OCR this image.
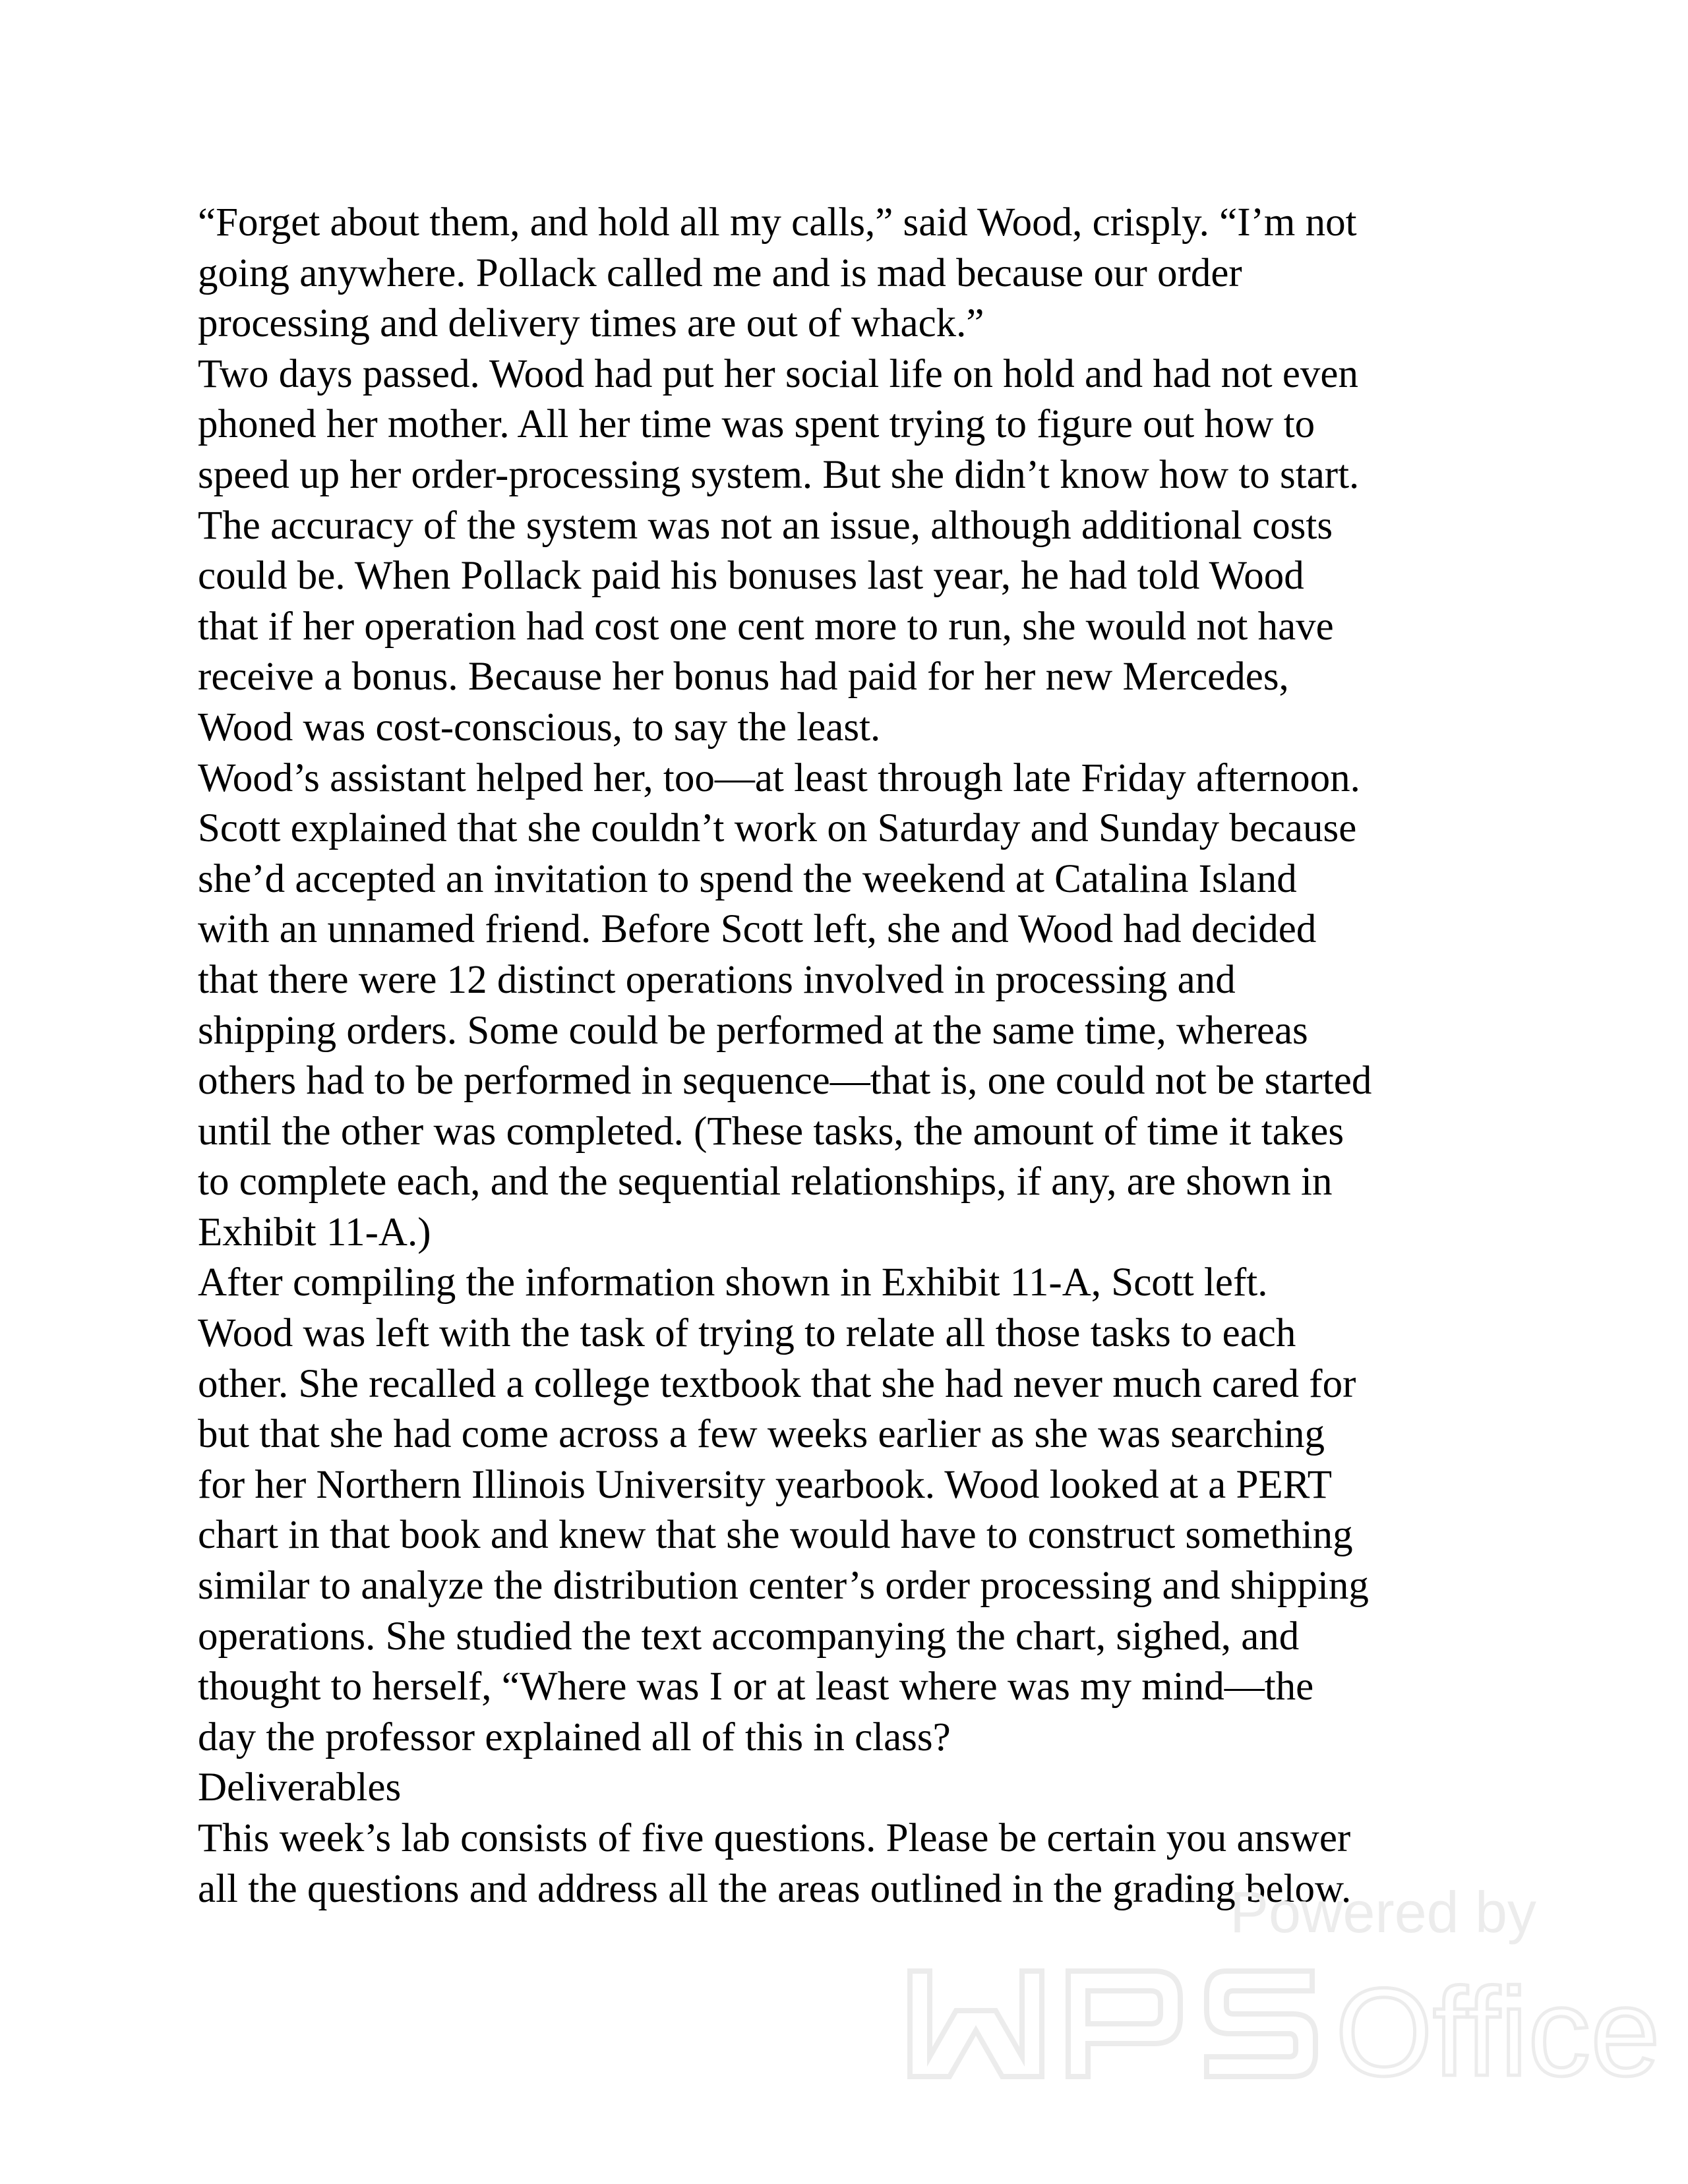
“Forget about them, and hold all my calls,” said Wood, crisply. “I’m not
going anywhere. Pollack called me and is mad because our order
processing and delivery times are out of whack.”
Two days passed. Wood had put her social life on hold and had not even
phoned her mother. All her time was spent trying to figure out how to
speed up her order-processing system. But she didn’t know how to start.
The accuracy of the system was not an issue, although additional costs
could be. When Pollack paid his bonuses last year, he had told Wood
that if her operation had cost one cent more to run, she would not have
receive a bonus. Because her bonus had paid for her new Mercedes,
Wood was cost-conscious, to say the least.
Wood’s assistant helped her, too—at least through late Friday afternoon.
Scott explained that she couldn’t work on Saturday and Sunday because
she’d accepted an invitation to spend the weekend at Catalina Island
with an unnamed friend. Before Scott left, she and Wood had decided
that there were 12 distinct operations involved in processing and
shipping orders. Some could be performed at the same time, whereas
others had to be performed in sequence—that is, one could not be started
until the other was completed. (These tasks, the amount of time it takes
to complete each, and the sequential relationships, if any, are shown in
Exhibit 11-A.)
After compiling the information shown in Exhibit 11-A, Scott left.
Wood was left with the task of trying to relate all those tasks to each
other. She recalled a college textbook that she had never much cared for
but that she had come across a few weeks earlier as she was searching
for her Northern Illinois University yearbook. Wood looked at a PERT
chart in that book and knew that she would have to construct something
similar to analyze the distribution center’s order processing and shipping
operations. She studied the text accompanying the chart, sighed, and
thought to herself, “Where was I or at least where was my mind—the
day the professor explained all of this in class?
Deliverables
This week’s lab consists of five questions. Please be certain you answer
all the questions and address all the areas outlined in the grading below.
Powered by
Office
